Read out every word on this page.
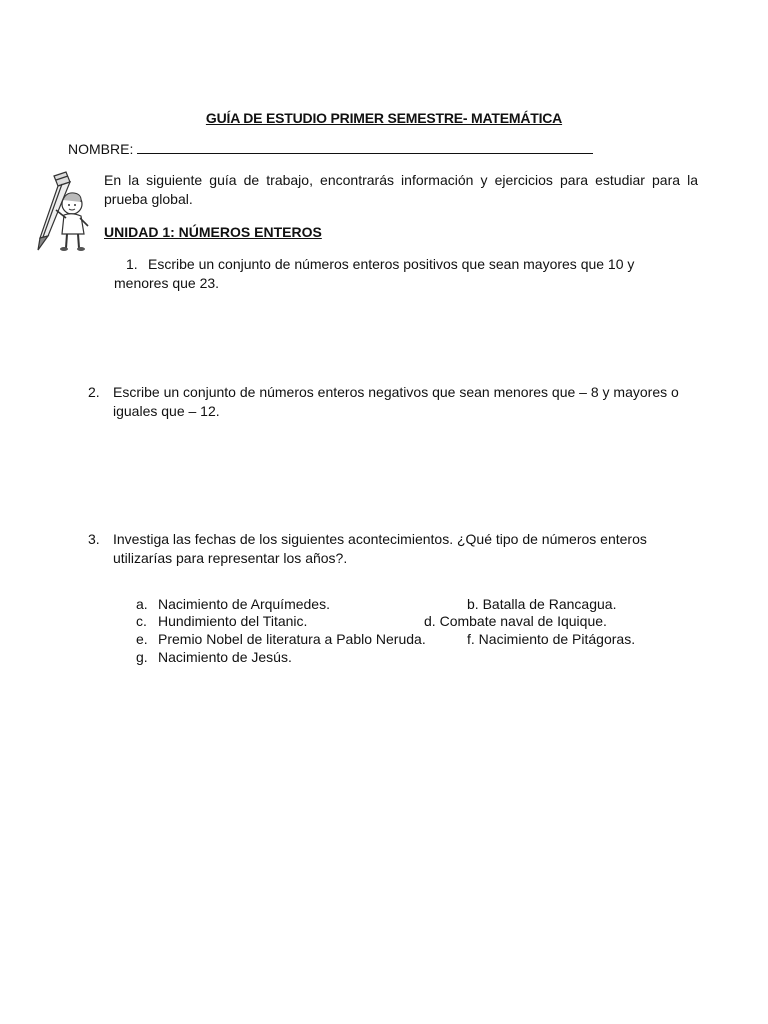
GUÍA DE ESTUDIO PRIMER SEMESTRE- MATEMÁTICA
NOMBRE:
En la siguiente guía de trabajo, encontrarás información y ejercicios para estudiar para la prueba global.
UNIDAD 1: NÚMEROS ENTEROS
1. Escribe un conjunto de números enteros positivos que sean mayores que 10 y
menores que 23.
2. Escribe un conjunto de números enteros negativos que sean menores que – 8 y mayores o iguales que – 12.
3. Investiga las fechas de los siguientes acontecimientos. ¿Qué tipo de números enteros utilizarías para representar los años?.
a. Nacimiento de Arquímedes.	b. Batalla de Rancagua.
c. Hundimiento del Titanic.	d. Combate naval de Iquique.
e. Premio Nobel de literatura a Pablo Neruda.	f. Nacimiento de Pitágoras.
g. Nacimiento de Jesús.
